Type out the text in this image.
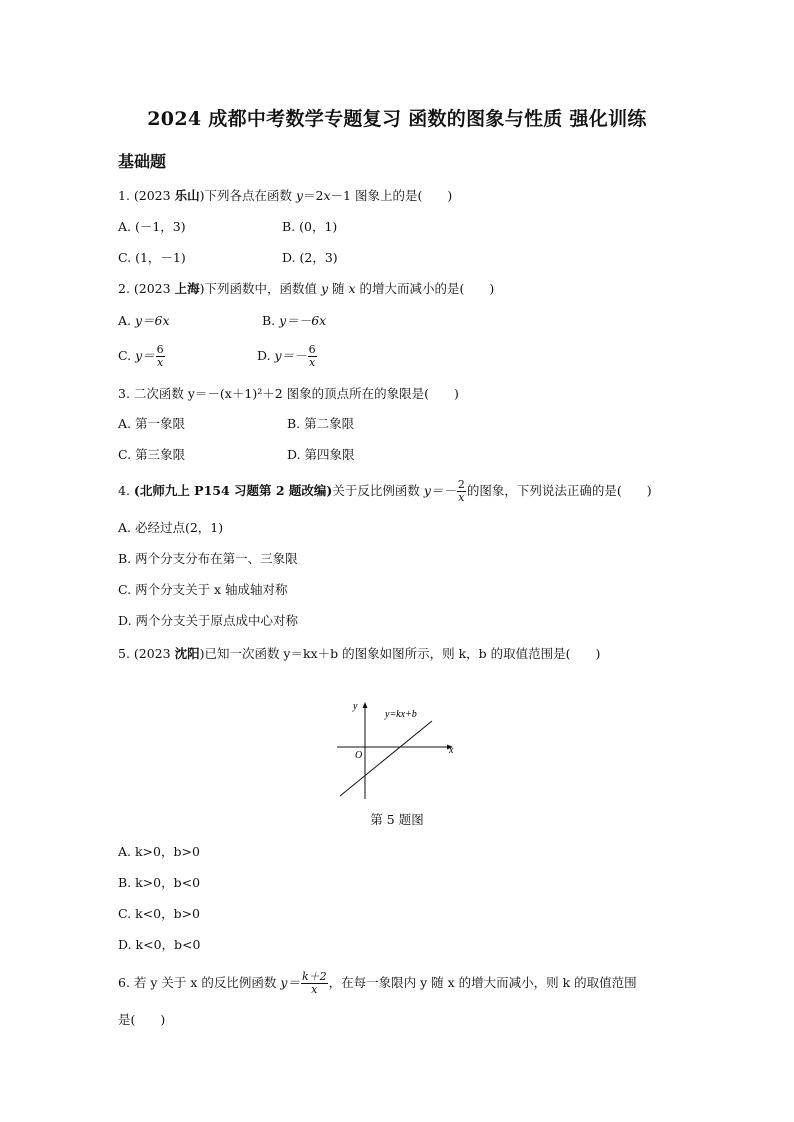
2024 成都中考数学专题复习 函数的图象与性质 强化训练
基础题
1. (2023 乐山)下列各点在函数 y＝2x－1 图象上的是(　　)
A. (－1，3)	B. (0，1)
C. (1，－1)	D. (2，3)
2. (2023 上海)下列函数中，函数值 y 随 x 的增大而减小的是(　　)
A. y＝6x	B. y＝－6x
C. $y= \frac{6}{x}$	D. $y=- \frac{6}{x}$
3. 二次函数 y＝－(x＋1)²＋2 图象的顶点所在的象限是(　　)
A. 第一象限	B. 第二象限
C. 第三象限	D. 第四象限
4. (北师九上 P154 习题第 2 题改编)关于反比例函数 $y=- \frac{2}{x}$ 的图象，下列说法正确的是(　　)
A. 必经过点(2，1)
B. 两个分支分布在第一、三象限
C. 两个分支关于 x 轴成轴对称
D. 两个分支关于原点成中心对称
5. (2023 沈阳)已知一次函数 y＝kx＋b 的图象如图所示，则 k，b 的取值范围是(　　)
y
x
O
y=kx+b
第 5 题图
A. k>0，b>0
B. k>0，b<0
C. k<0，b>0
D. k<0，b<0
6. 若 y 关于 x 的反比例函数 $y= \frac{k+2}{x}$ ，在每一象限内 y 随 x 的增大而减小，则 k 的取值范围
是(　　)
